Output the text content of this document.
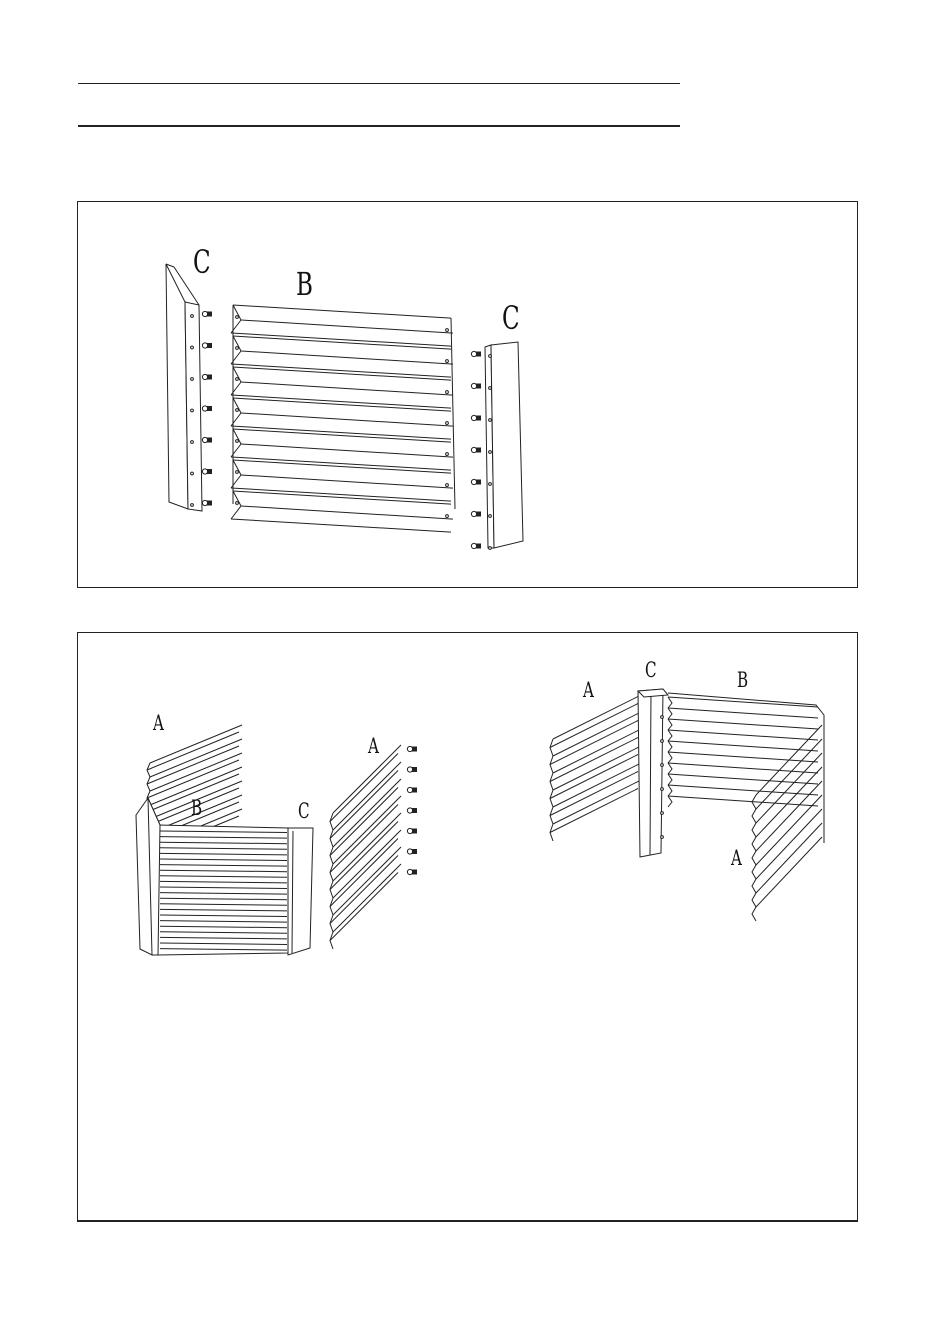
C
B
C
A
B	C
A
A
C	B
A
